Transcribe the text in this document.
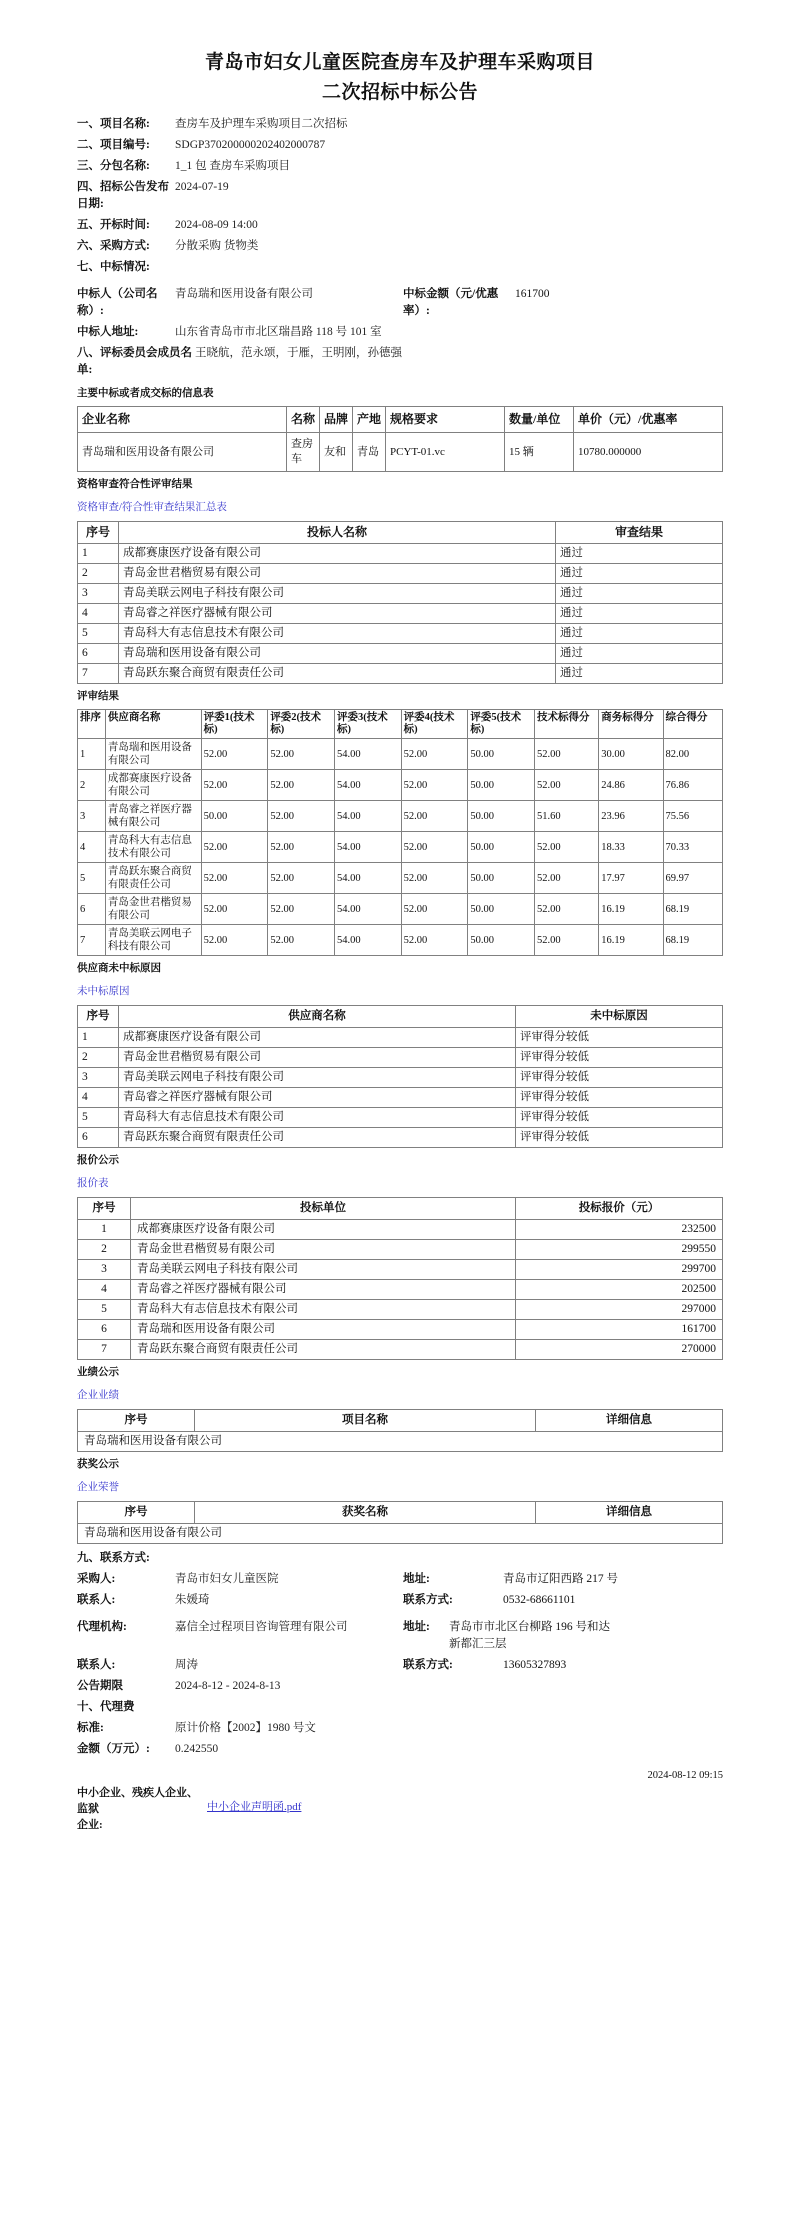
青岛市妇女儿童医院查房车及护理车采购项目
二次招标中标公告
一、项目名称:	查房车及护理车采购项目二次招标
二、项目编号:	SDGP370200000202402000787
三、分包名称:	1_1 包 查房车采购项目
四、招标公告发布日期:
2024-07-19
五、开标时间:	2024-08-09 14:00
六、采购方式:	分散采购 货物类
七、中标情况:
中标人（公司名称）:
青岛瑞和医用设备有限公司	中标金额（元/优惠率）:
161700
中标人地址:	山东省青岛市市北区瑞昌路 118 号 101 室
八、评标委员会成员名单:
王晓航，范永颂，于雁，王明刚，孙德强
主要中标或者成交标的信息表
企业名称	名称	品牌	产地	规格要求	数量/单位	单价（元）/优惠率
青岛瑞和医用设备有限公司	查房车	友和	青岛	PCYT-01.vc	15 辆	10780.000000
资格审查符合性评审结果
资格审查/符合性审查结果汇总表
序号	投标人名称	审查结果
1	成都赛康医疗设备有限公司	通过
2	青岛金世君楷贸易有限公司	通过
3	青岛美联云网电子科技有限公司	通过
4	青岛睿之祥医疗器械有限公司	通过
5	青岛科大有志信息技术有限公司	通过
6	青岛瑞和医用设备有限公司	通过
7	青岛跃东聚合商贸有限责任公司	通过
评审结果
排序	供应商名称	评委1(技术标)	评委2(技术标)	评委3(技术标)	评委4(技术标)	评委5(技术标)	技术标得分	商务标得分	综合得分
1	青岛瑞和医用设备有限公司	52.00	52.00	54.00	52.00	50.00	52.00	30.00	82.00
2	成都赛康医疗设备有限公司	52.00	52.00	54.00	52.00	50.00	52.00	24.86	76.86
3	青岛睿之祥医疗器械有限公司	50.00	52.00	54.00	52.00	50.00	51.60	23.96	75.56
4	青岛科大有志信息技术有限公司	52.00	52.00	54.00	52.00	50.00	52.00	18.33	70.33
5	青岛跃东聚合商贸有限责任公司	52.00	52.00	54.00	52.00	50.00	52.00	17.97	69.97
6	青岛金世君楷贸易有限公司	52.00	52.00	54.00	52.00	50.00	52.00	16.19	68.19
7	青岛美联云网电子科技有限公司	52.00	52.00	54.00	52.00	50.00	52.00	16.19	68.19
供应商未中标原因
未中标原因
序号	供应商名称	未中标原因
1	成都赛康医疗设备有限公司	评审得分较低
2	青岛金世君楷贸易有限公司	评审得分较低
3	青岛美联云网电子科技有限公司	评审得分较低
4	青岛睿之祥医疗器械有限公司	评审得分较低
5	青岛科大有志信息技术有限公司	评审得分较低
6	青岛跃东聚合商贸有限责任公司	评审得分较低
报价公示
报价表
序号	投标单位	投标报价（元）
1	成都赛康医疗设备有限公司	232500
2	青岛金世君楷贸易有限公司	299550
3	青岛美联云网电子科技有限公司	299700
4	青岛睿之祥医疗器械有限公司	202500
5	青岛科大有志信息技术有限公司	297000
6	青岛瑞和医用设备有限公司	161700
7	青岛跃东聚合商贸有限责任公司	270000
业绩公示
企业业绩
序号	项目名称	详细信息
青岛瑞和医用设备有限公司
获奖公示
企业荣誉
序号	获奖名称	详细信息
青岛瑞和医用设备有限公司
九、联系方式:
采购人:	青岛市妇女儿童医院	地址:	青岛市辽阳西路 217 号
联系人:	朱媛琦	联系方式:	0532-68661101
代理机构:	嘉信全过程项目咨询管理有限公司	地址:	青岛市市北区台柳路 196 号和达新都汇三层
联系人:	周涛	联系方式:	13605327893
公告期限	2024-8-12 - 2024-8-13
十、代理费
标准:	原计价格【2002】1980 号文
金额（万元）:	0.242550
2024-08-12 09:15
中小企业、残疾人企业、监狱
企业:
中小企业声明函.pdf
